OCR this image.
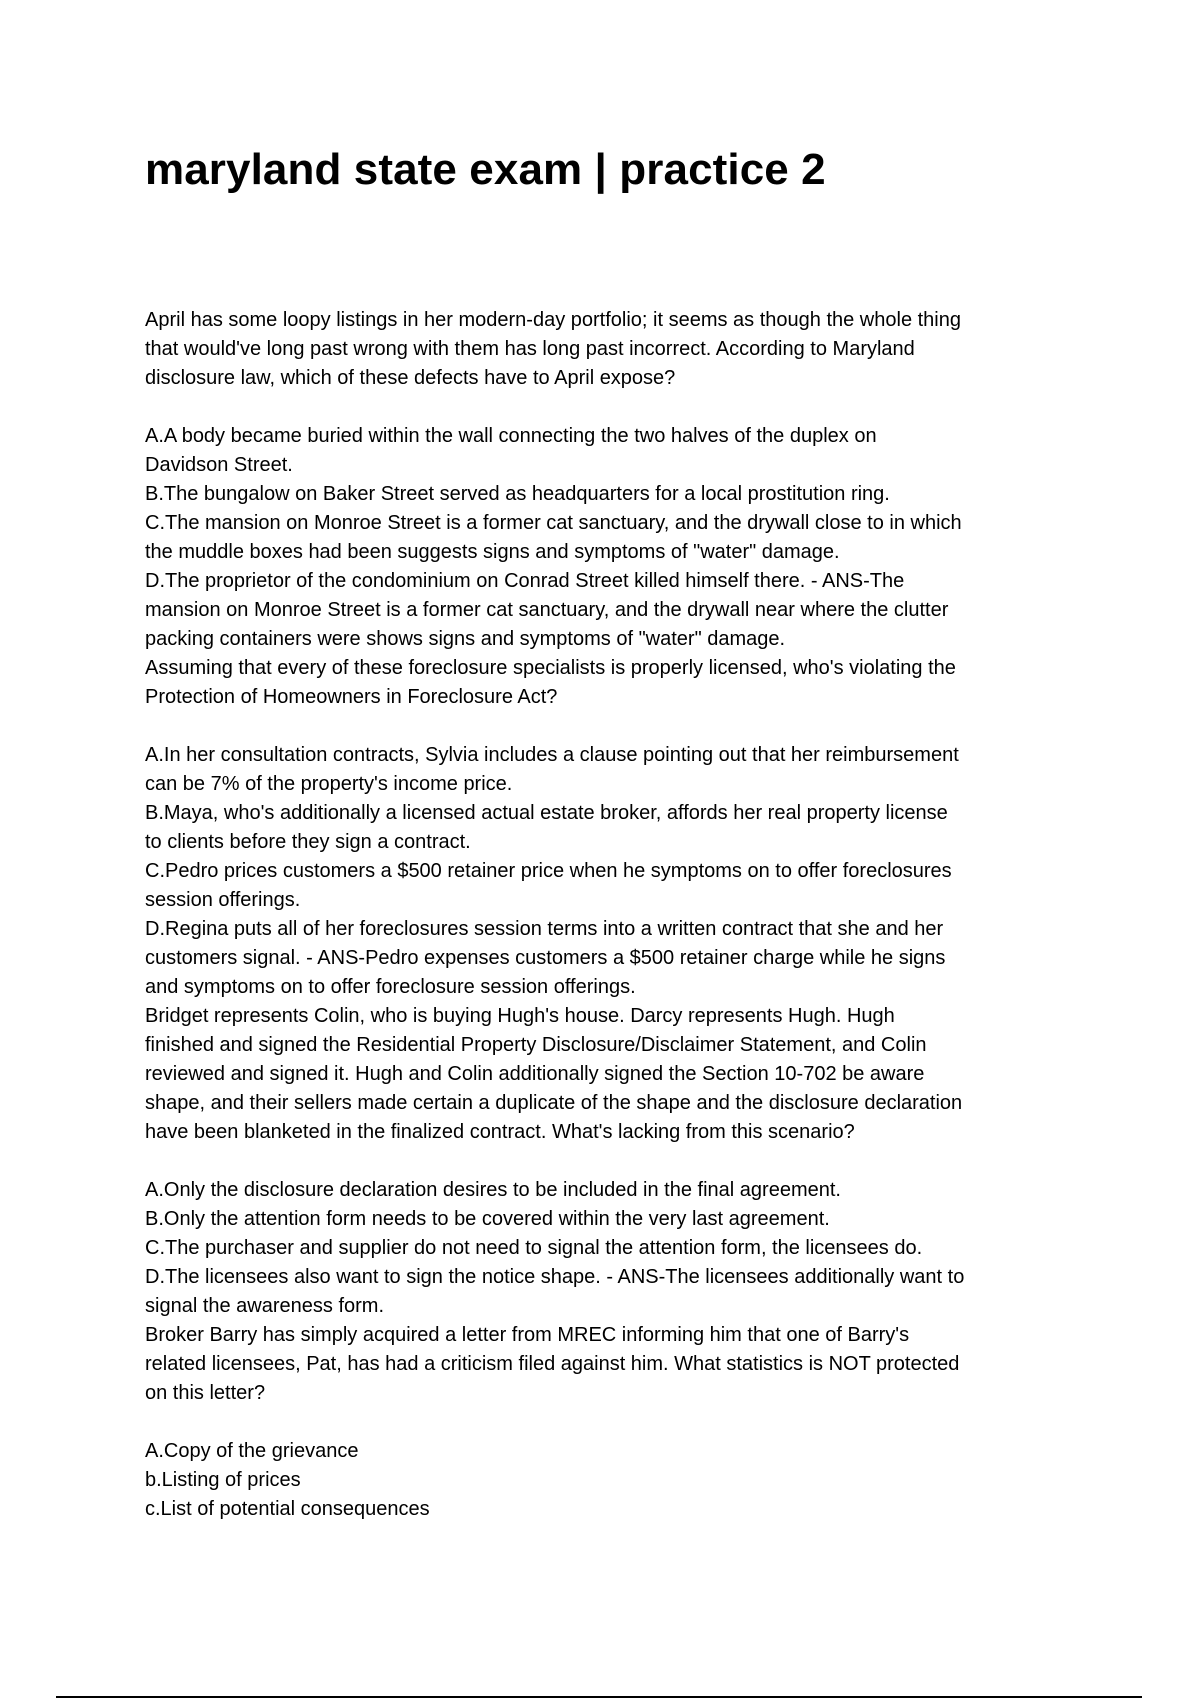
maryland state exam | practice 2
April has some loopy listings in her modern-day portfolio; it seems as though the whole thing
that would've long past wrong with them has long past incorrect. According to Maryland
disclosure law, which of these defects have to April expose?
A.A body became buried within the wall connecting the two halves of the duplex on
Davidson Street.
B.The bungalow on Baker Street served as headquarters for a local prostitution ring.
C.The mansion on Monroe Street is a former cat sanctuary, and the drywall close to in which
the muddle boxes had been suggests signs and symptoms of "water" damage.
D.The proprietor of the condominium on Conrad Street killed himself there. - ANS-The
mansion on Monroe Street is a former cat sanctuary, and the drywall near where the clutter
packing containers were shows signs and symptoms of "water" damage.
Assuming that every of these foreclosure specialists is properly licensed, who's violating the
Protection of Homeowners in Foreclosure Act?
A.In her consultation contracts, Sylvia includes a clause pointing out that her reimbursement
can be 7% of the property's income price.
B.Maya, who's additionally a licensed actual estate broker, affords her real property license
to clients before they sign a contract.
C.Pedro prices customers a $500 retainer price when he symptoms on to offer foreclosures
session offerings.
D.Regina puts all of her foreclosures session terms into a written contract that she and her
customers signal. - ANS-Pedro expenses customers a $500 retainer charge while he signs
and symptoms on to offer foreclosure session offerings.
Bridget represents Colin, who is buying Hugh's house. Darcy represents Hugh. Hugh
finished and signed the Residential Property Disclosure/Disclaimer Statement, and Colin
reviewed and signed it. Hugh and Colin additionally signed the Section 10-702 be aware
shape, and their sellers made certain a duplicate of the shape and the disclosure declaration
have been blanketed in the finalized contract. What's lacking from this scenario?
A.Only the disclosure declaration desires to be included in the final agreement.
B.Only the attention form needs to be covered within the very last agreement.
C.The purchaser and supplier do not need to signal the attention form, the licensees do.
D.The licensees also want to sign the notice shape. - ANS-The licensees additionally want to
signal the awareness form.
Broker Barry has simply acquired a letter from MREC informing him that one of Barry's
related licensees, Pat, has had a criticism filed against him. What statistics is NOT protected
on this letter?
A.Copy of the grievance
b.Listing of prices
c.List of potential consequences
